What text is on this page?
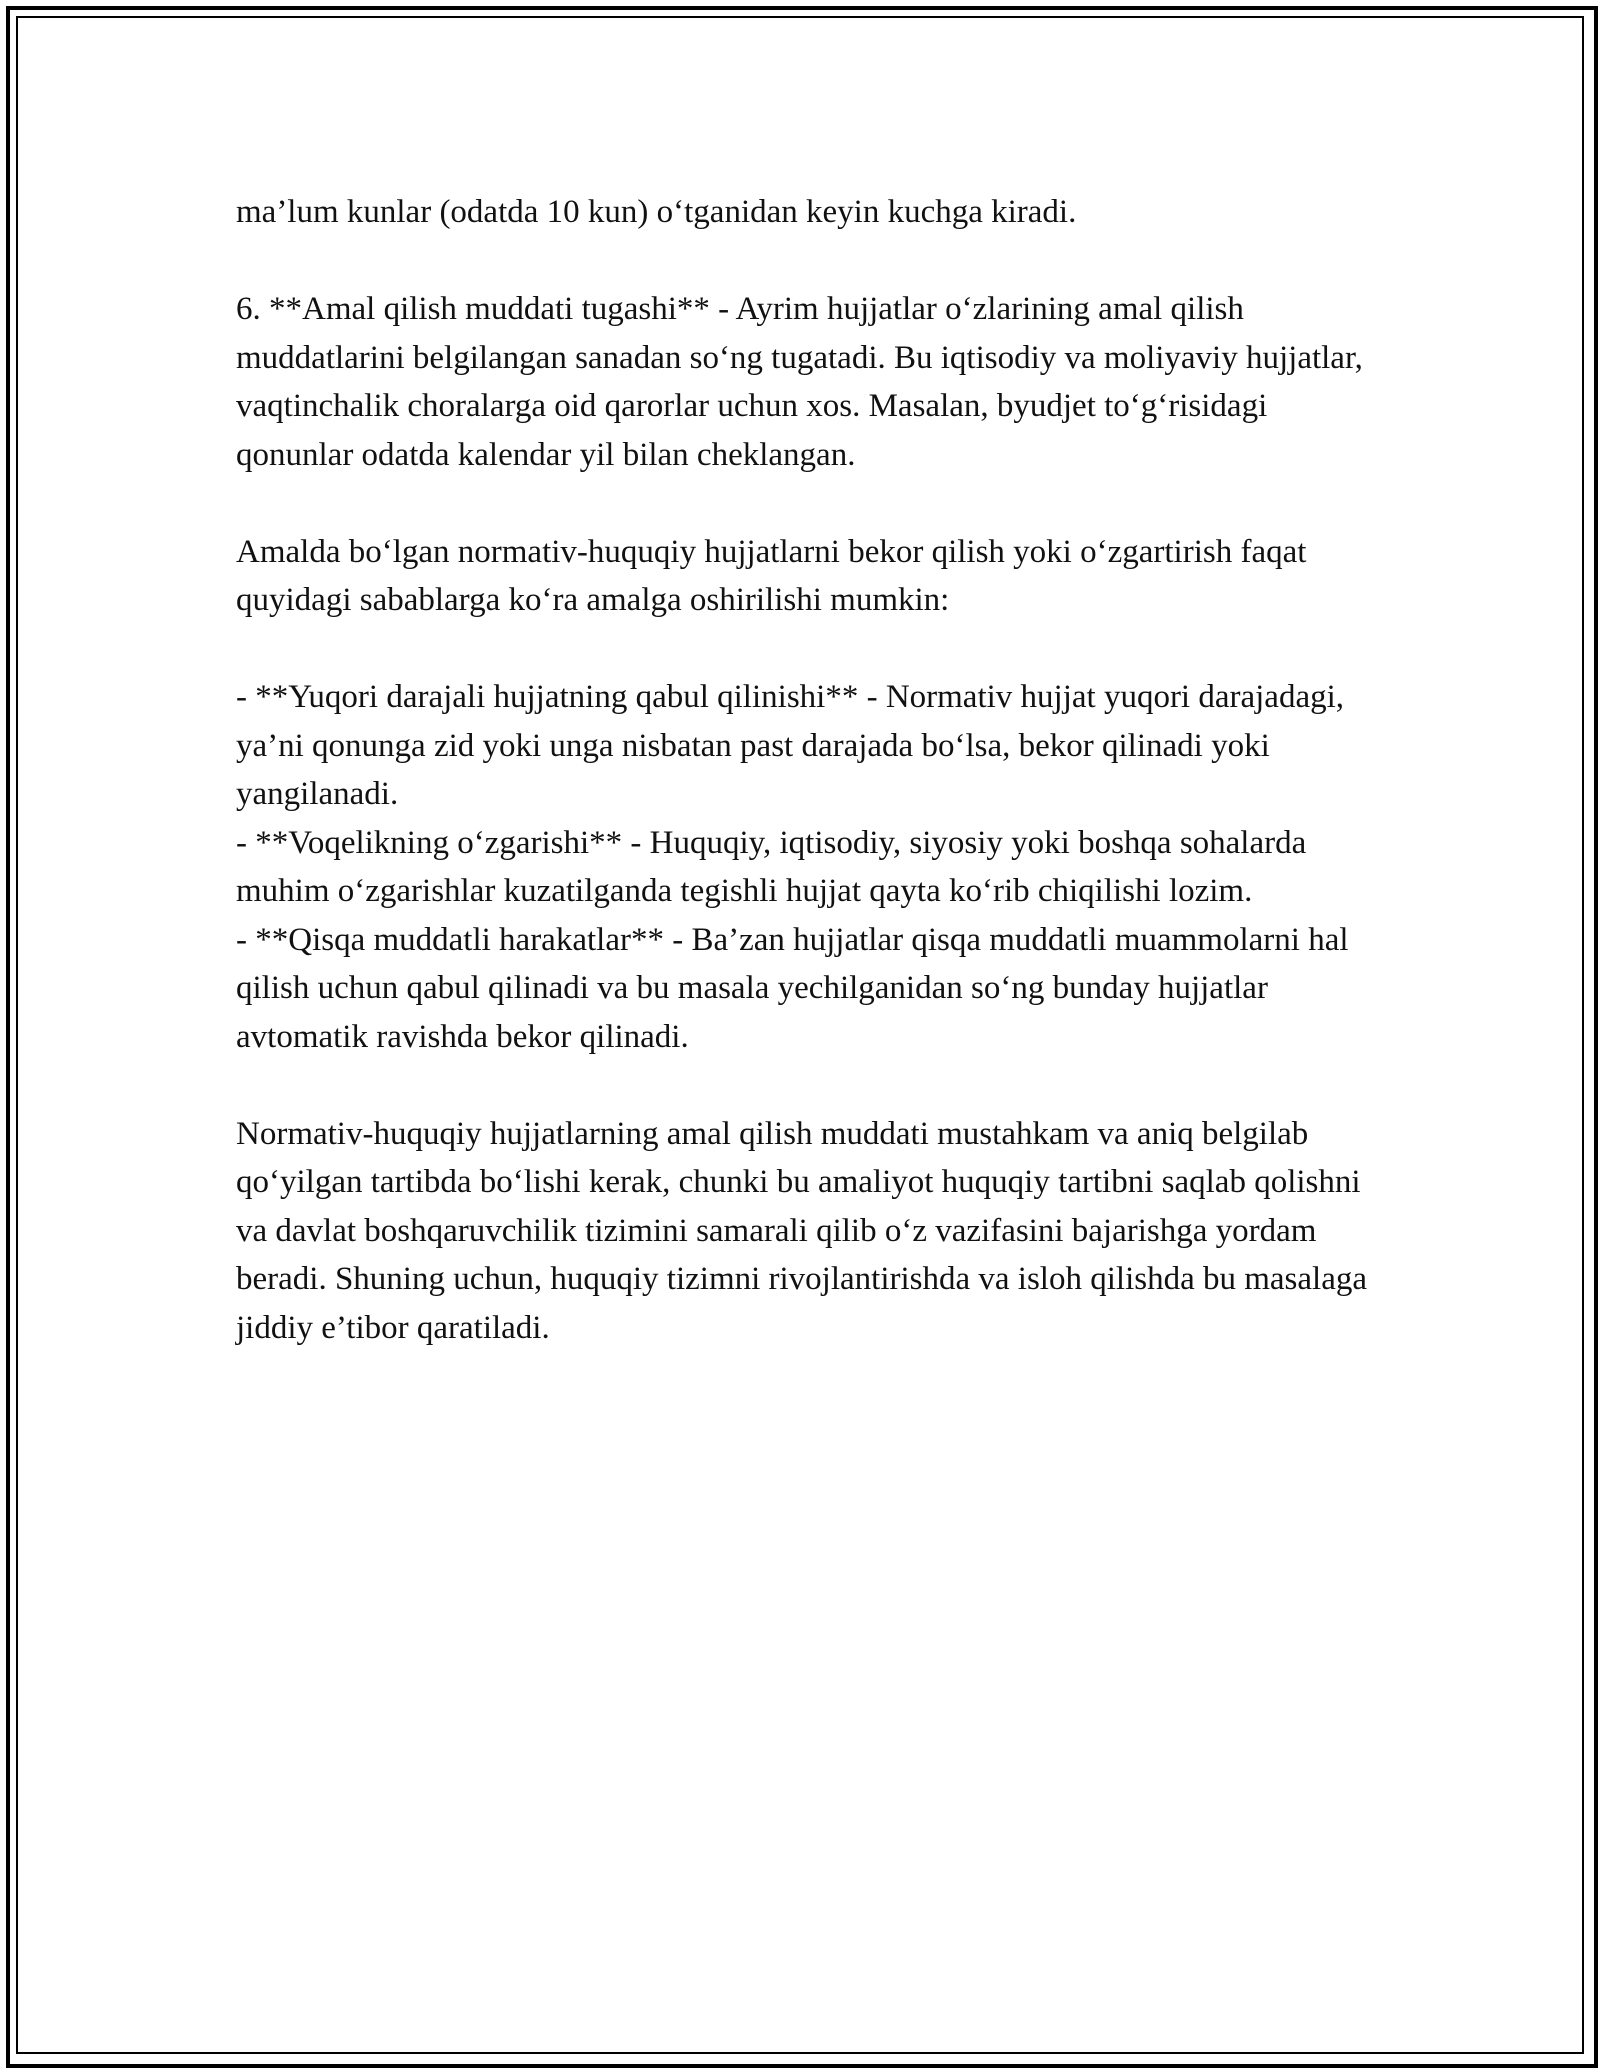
ma’lum kunlar (odatda 10 kun) oʻtganidan keyin kuchga kiradi.

6. **Amal qilish muddati tugashi** - Ayrim hujjatlar oʻzlarining amal qilish muddatlarini belgilangan sanadan soʻng tugatadi. Bu iqtisodiy va moliyaviy hujjatlar, vaqtinchalik choralarga oid qarorlar uchun xos. Masalan, byudjet toʻgʻrisidagi qonunlar odatda kalendar yil bilan cheklangan.

Amalda boʻlgan normativ-huquqiy hujjatlarni bekor qilish yoki oʻzgartirish faqat quyidagi sabablarga koʻra amalga oshirilishi mumkin:

- **Yuqori darajali hujjatning qabul qilinishi** - Normativ hujjat yuqori darajadagi, ya’ni qonunga zid yoki unga nisbatan past darajada boʻlsa, bekor qilinadi yoki yangilanadi.

- **Voqelikning oʻzgarishi** - Huquqiy, iqtisodiy, siyosiy yoki boshqa sohalarda muhim oʻzgarishlar kuzatilganda tegishli hujjat qayta koʻrib chiqilishi lozim.

- **Qisqa muddatli harakatlar** - Ba’zan hujjatlar qisqa muddatli muammolarni hal qilish uchun qabul qilinadi va bu masala yechilganidan soʻng bunday hujjatlar avtomatik ravishda bekor qilinadi.

Normativ-huquqiy hujjatlarning amal qilish muddati mustahkam va aniq belgilab qoʻyilgan tartibda boʻlishi kerak, chunki bu amaliyot huquqiy tartibni saqlab qolishni va davlat boshqaruvchilik tizimini samarali qilib oʻz vazifasini bajarishga yordam beradi. Shuning uchun, huquqiy tizimni rivojlantirishda va isloh qilishda bu masalaga jiddiy e’tibor qaratiladi.
